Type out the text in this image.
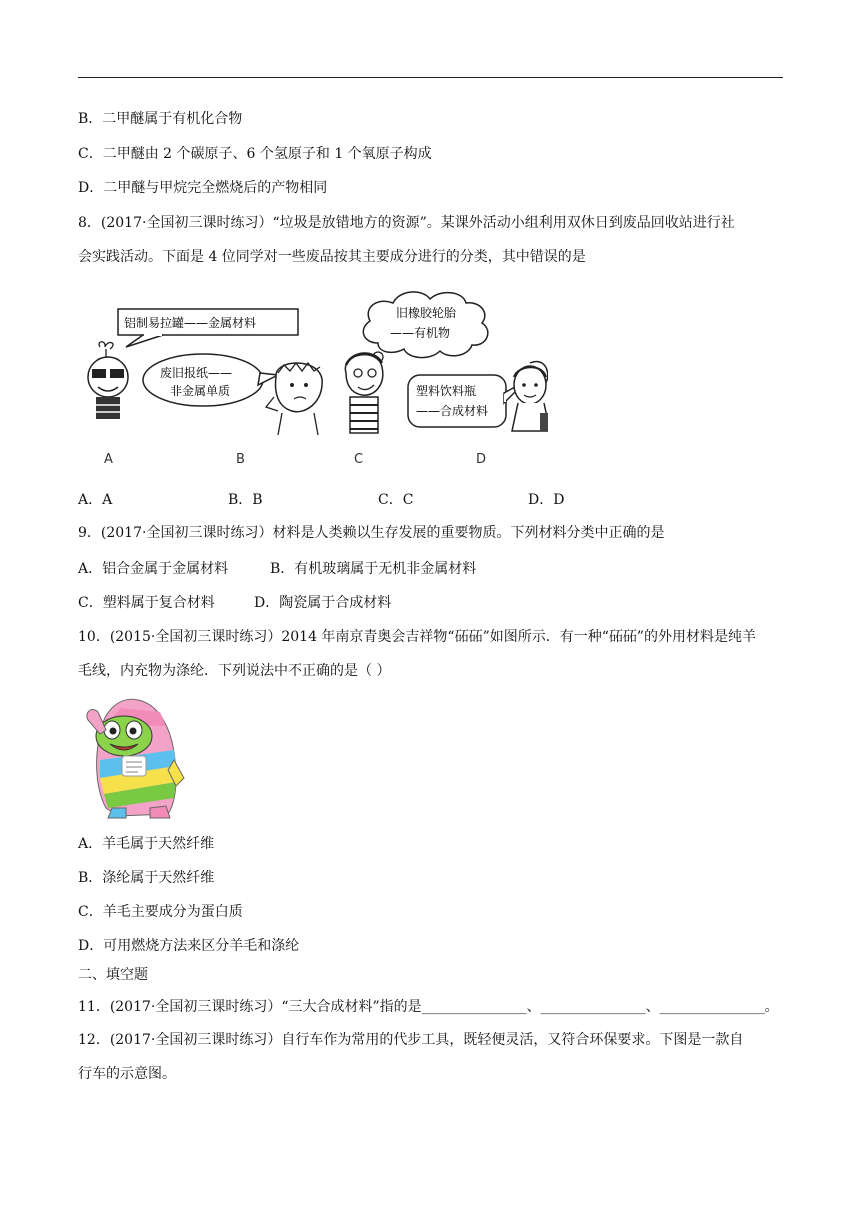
B．二甲醚属于有机化合物
C．二甲醚由 2 个碳原子、6 个氢原子和 1 个氧原子构成
D．二甲醚与甲烷完全燃烧后的产物相同
8．(2017·全国初三课时练习）“垃圾是放错地方的资源”。某课外活动小组利用双休日到废品回收站进行社
会实践活动。下面是 4 位同学对一些废品按其主要成分进行的分类，其中错误的是
铝制易拉罐——金属材料
废旧报纸——
非金属单质
旧橡胶轮胎
——有机物
塑料饮料瓶
——合成材料
A	B	C	D
A．A	B．B	C．C	D．D
9．(2017·全国初三课时练习）材料是人类赖以生存发展的重要物质。下列材料分类中正确的是
A．铝合金属于金属材料	B．有机玻璃属于无机非金属材料
C．塑料属于复合材料	D．陶瓷属于合成材料
10．(2015·全国初三课时练习）2014 年南京青奥会吉祥物“砳砳”如图所示．有一种“砳砳”的外用材料是纯羊
毛线，内充物为涤纶．下列说法中不正确的是（ ）
A．羊毛属于天然纤维
B．涤纶属于天然纤维
C．羊毛主要成分为蛋白质
D．可用燃烧方法来区分羊毛和涤纶
二、填空题
11．(2017·全国初三课时练习）“三大合成材料”指的是_______________、_______________、_______________。
12．(2017·全国初三课时练习）自行车作为常用的代步工具，既轻便灵活，又符合环保要求。下图是一款自
行车的示意图。
